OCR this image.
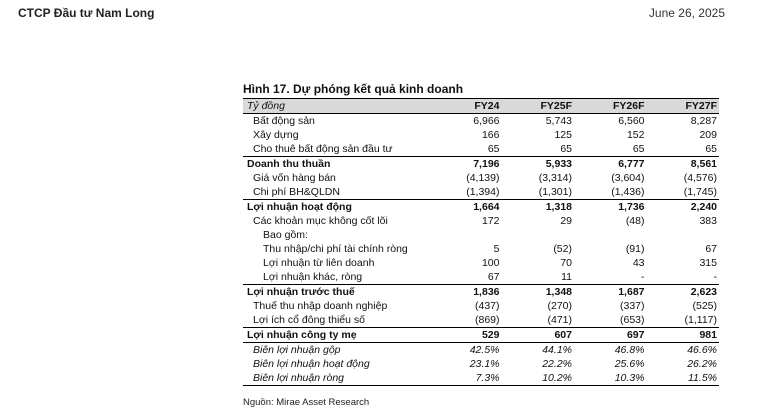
CTCP Đầu tư Nam Long	June 26, 2025
Hình 17. Dự phóng kết quả kinh doanh
Tỷ đồng	FY24	FY25F	FY26F	FY27F
Bất động sản	6,966	5,743	6,560	8,287
Xây dựng	166	125	152	209
Cho thuê bất động sản đầu tư	65	65	65	65
Doanh thu thuần	7,196	5,933	6,777	8,561
Giá vốn hàng bán	(4,139)	(3,314)	(3,604)	(4,576)
Chi phí BH&QLDN	(1,394)	(1,301)	(1,436)	(1,745)
Lợi nhuận hoạt động	1,664	1,318	1,736	2,240
Các khoản mục không cốt lõi	172	29	(48)	383
Bao gồm:				
Thu nhập/chi phí tài chính ròng	5	(52)	(91)	67
Lợi nhuận từ liên doanh	100	70	43	315
Lợi nhuận khác, ròng	67	11	-	-
Lợi nhuận trước thuế	1,836	1,348	1,687	2,623
Thuế thu nhập doanh nghiệp	(437)	(270)	(337)	(525)
Lợi ích cổ đông thiểu số	(869)	(471)	(653)	(1,117)
Lợi nhuận công ty mẹ	529	607	697	981
Biên lợi nhuận gộp	42.5%	44.1%	46.8%	46.6%
Biên lợi nhuận hoạt động	23.1%	22.2%	25.6%	26.2%
Biên lợi nhuận ròng	7.3%	10.2%	10.3%	11.5%
Nguồn: Mirae Asset Research
